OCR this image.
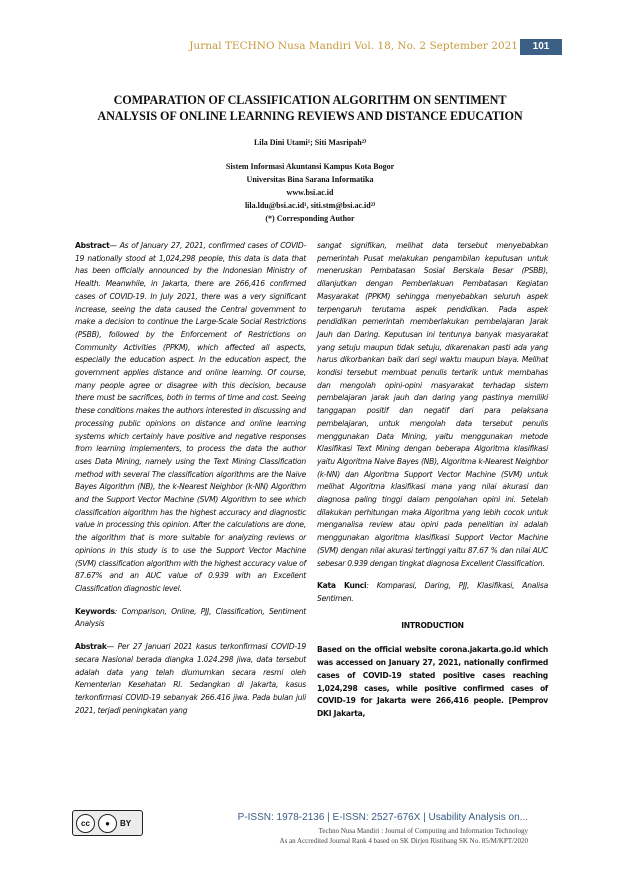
Jurnal TECHNO Nusa Mandiri Vol. 18, No. 2 September 2021	101
COMPARATION OF CLASSIFICATION ALGORITHM ON SENTIMENT
ANALYSIS OF ONLINE LEARNING REVIEWS AND DISTANCE EDUCATION
Lila Dini Utami¹; Siti Masripah²⁾
Sistem Informasi Akuntansi Kampus Kota Bogor
Universitas Bina Sarana Informatika
www.bsi.ac.id
lila.ldu@bsi.ac.id¹, siti.stm@bsi.ac.id²⁾
(*) Corresponding Author

Abstract— As of January 27, 2021, confirmed cases of COVID-19 nationally stood at 1,024,298 people, this data is data that has been officially announced by the Indonesian Ministry of Health. Meanwhile, in Jakarta, there are 266,416 confirmed cases of COVID-19. In July 2021, there was a very significant increase, seeing the data caused the Central government to make a decision to continue the Large-Scale Social Restrictions (PSBB), followed by the Enforcement of Restrictions on Community Activities (PPKM), which affected all aspects, especially the education aspect. In the education aspect, the government applies distance and online learning. Of course, many people agree or disagree with this decision, because there must be sacrifices, both in terms of time and cost. Seeing these conditions makes the authors interested in discussing and processing public opinions on distance and online learning systems which certainly have positive and negative responses from learning implementers, to process the data the author uses Data Mining, namely using the Text Mining Classification method with several The classification algorithms are the Naive Bayes Algorithm (NB), the k-Nearest Neighbor (k-NN) Algorithm and the Support Vector Machine (SVM) Algorithm to see which classification algorithm has the highest accuracy and diagnostic value in processing this opinion. After the calculations are done, the algorithm that is more suitable for analyzing reviews or opinions in this study is to use the Support Vector Machine (SVM) classification algorithm with the highest accuracy value of 87.67% and an AUC value of 0.939 with an Excellent Classification diagnostic level.

Keywords: Comparison, Online, PJJ, Classification, Sentiment Analysis

Abstrak— Per 27 Januari 2021 kasus terkonfirmasi COVID-19 secara Nasional berada diangka 1.024.298 jiwa, data tersebut adalah data yang telah diumumkan secara resmi oleh Kementerian Kesehatan RI. Sedangkan di Jakarta, kasus terkonfirmasi COVID-19 sebanyak 266.416 jiwa. Pada bulan juli 2021, terjadi peningkatan yang

sangat signifikan, melihat data tersebut menyebabkan pemerintah Pusat melakukan pengambilan keputusan untuk meneruskan Pembatasan Sosial Berskala Besar (PSBB), dilanjutkan dengan Pemberlakuan Pembatasan Kegiatan Masyarakat (PPKM) sehingga menyebabkan seluruh aspek terpengaruh terutama aspek pendidikan. Pada aspek pendidikan pemerintah memberlakukan pembelajaran Jarak Jauh dan Daring. Keputusan ini tentunya banyak masyarakat yang setuju maupun tidak setuju, dikarenakan pasti ada yang harus dikorbankan baik dari segi waktu maupun biaya. Melihat kondisi tersebut membuat penulis tertarik untuk membahas dan mengolah opini-opini masyarakat terhadap sistem pembelajaran jarak jauh dan daring yang pastinya memiliki tanggapan positif dan negatif dari para pelaksana pembelajaran, untuk mengolah data tersebut penulis menggunakan Data Mining, yaitu menggunakan metode Klasifikasi Text Mining dengan beberapa Algoritma klasifikasi yaitu Algoritma Naive Bayes (NB), Algoritma k-Nearest Neighbor (k-NN) dan Algoritma Support Vector Machine (SVM) untuk melihat Algoritma klasifikasi mana yang nilai akurasi dan diagnosa paling tinggi dalam pengolahan opini ini. Setelah dilakukan perhitungan maka Algoritma yang lebih cocok untuk menganalisa review atau opini pada penelitian ini adalah menggunakan algoritma klasifikasi Support Vector Machine (SVM) dengan nilai akurasi tertinggi yaitu 87.67 % dan nilai AUC sebesar 0.939 dengan tingkat diagnosa Excellent Classification.

Kata Kunci: Komparasi, Daring, PJJ, Klasifikasi, Analisa Sentimen.

INTRODUCTION

Based on the official website corona.jakarta.go.id which was accessed on January 27, 2021, nationally confirmed cases of COVID-19 stated positive cases reaching 1,024,298 cases, while positive confirmed cases of COVID-19 for Jakarta were 266,416 people. [Pemprov DKI Jakarta,

cc	●	BY	P-ISSN: 1978-2136 | E-ISSN: 2527-676X | Usability Analysis on...
Techno Nusa Mandiri : Journal of Computing and Information Technology
As an Accredited Journal Rank 4 based on SK Dirjen Ristibang SK No. 85/M/KPT/2020
